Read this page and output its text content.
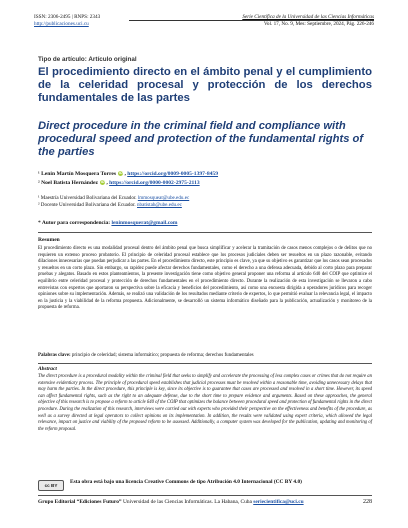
ISSN: 2306-2495 | RNPS: 2343	Serie Científica de la Universidad de las Ciencias Informáticas
http://publicaciones.uci.cu	Vol. 17, No. 9, Mes: Septiembre, 2024, Pág. 226-246
Tipo de artículo: Artículo original
El procedimiento directo en el ámbito penal y el cumplimiento de la celeridad procesal y protección de los derechos fundamentales de las partes
Direct procedure in the criminal field and compliance with procedural speed and protection of the fundamental rights of the parties
¹ Lenin Martín Mosquera Torres iD , https://orcid.org/0009-0005-1397-8459
² Noel Batista Hernández iD , https://orcid.org/0000-0002-2975-2113
¹ Maestría Universidad Bolivariana del Ecuador. lmmosqueat@ube.edu.ec
² Docente Universidad Bolivariana del Ecuador. nbatistah@ube.edu.ec
* Autor para correspondencia: leninmosquerat@gmail.com
Resumen
El procedimiento directo es una modalidad procesal dentro del ámbito penal que busca simplificar y acelerar la tramitación de casos menos complejos o de delitos que no requieren un extenso proceso probatorio. El principio de celeridad procesal establece que los procesos judiciales deben ser resueltos en un plazo razonable, evitando dilaciones innecesarias que puedan perjudicar a las partes. En el procedimiento directo, este principio es clave, ya que su objetivo es garantizar que los casos sean procesados y resueltos en un corto plazo. Sin embargo, su rapidez puede afectar derechos fundamentales, como el derecho a una defensa adecuada, debido al corto plazo para preparar pruebas y alegatos. Basado en estos planteamientos, la presente investigación tiene como objetivo general proponer una reforma al artículo 640 del COIP que optimice el equilibrio entre celeridad procesal y protección de derechos fundamentales en el procedimiento directo. Durante la realización de esta investigación se llevaron a cabo entrevistas con expertos que aportaron su perspectiva sobre la eficacia y beneficios del procedimiento, así como una encuesta dirigida a operadores jurídicos para recoger opiniones sobre su implementación. Además, se realizó una validación de los resultados mediante criterio de expertos, lo que permitió evaluar la relevancia legal, el impacto en la justicia y la viabilidad de la reforma propuesta. Adicionalmente, se desarrolló un sistema informático diseñado para la publicación, actualización y monitoreo de la propuesta de reforma.
Palabras clave: principio de celeridad; sistema informático; propuesta de reforma; derechos fundamentales
Abstract
The direct procedure is a procedural modality within the criminal field that seeks to simplify and accelerate the processing of less complex cases or crimes that do not require an extensive evidentiary process. The principle of procedural speed establishes that judicial processes must be resolved within a reasonable time, avoiding unnecessary delays that may harm the parties. In the direct procedure, this principle is key, since its objective is to guarantee that cases are processed and resolved in a short time. However, its speed can affect fundamental rights, such as the right to an adequate defense, due to the short time to prepare evidence and arguments. Based on these approaches, the general objective of this research is to propose a reform to article 640 of the COIP that optimizes the balance between procedural speed and protection of fundamental rights in the direct procedure. During the realization of this research, interviews were carried out with experts who provided their perspective on the effectiveness and benefits of the procedure, as well as a survey directed at legal operators to collect opinions on its implementation. In addition, the results were validated using expert criteria, which allowed the legal relevance, impact on justice and viability of the proposed reform to be assessed. Additionally, a computer system was developed for the publication, updating and monitoring of the reform proposal.
cc BY
Esta obra está bajo una licencia Creative Commons de tipo Atribución 4.0 Internacional (CC BY 4.0)
Grupo Editorial “Ediciones Futuro” Universidad de las Ciencias Informáticas. La Habana, Cuba seriecientifica@uci.cu	228
